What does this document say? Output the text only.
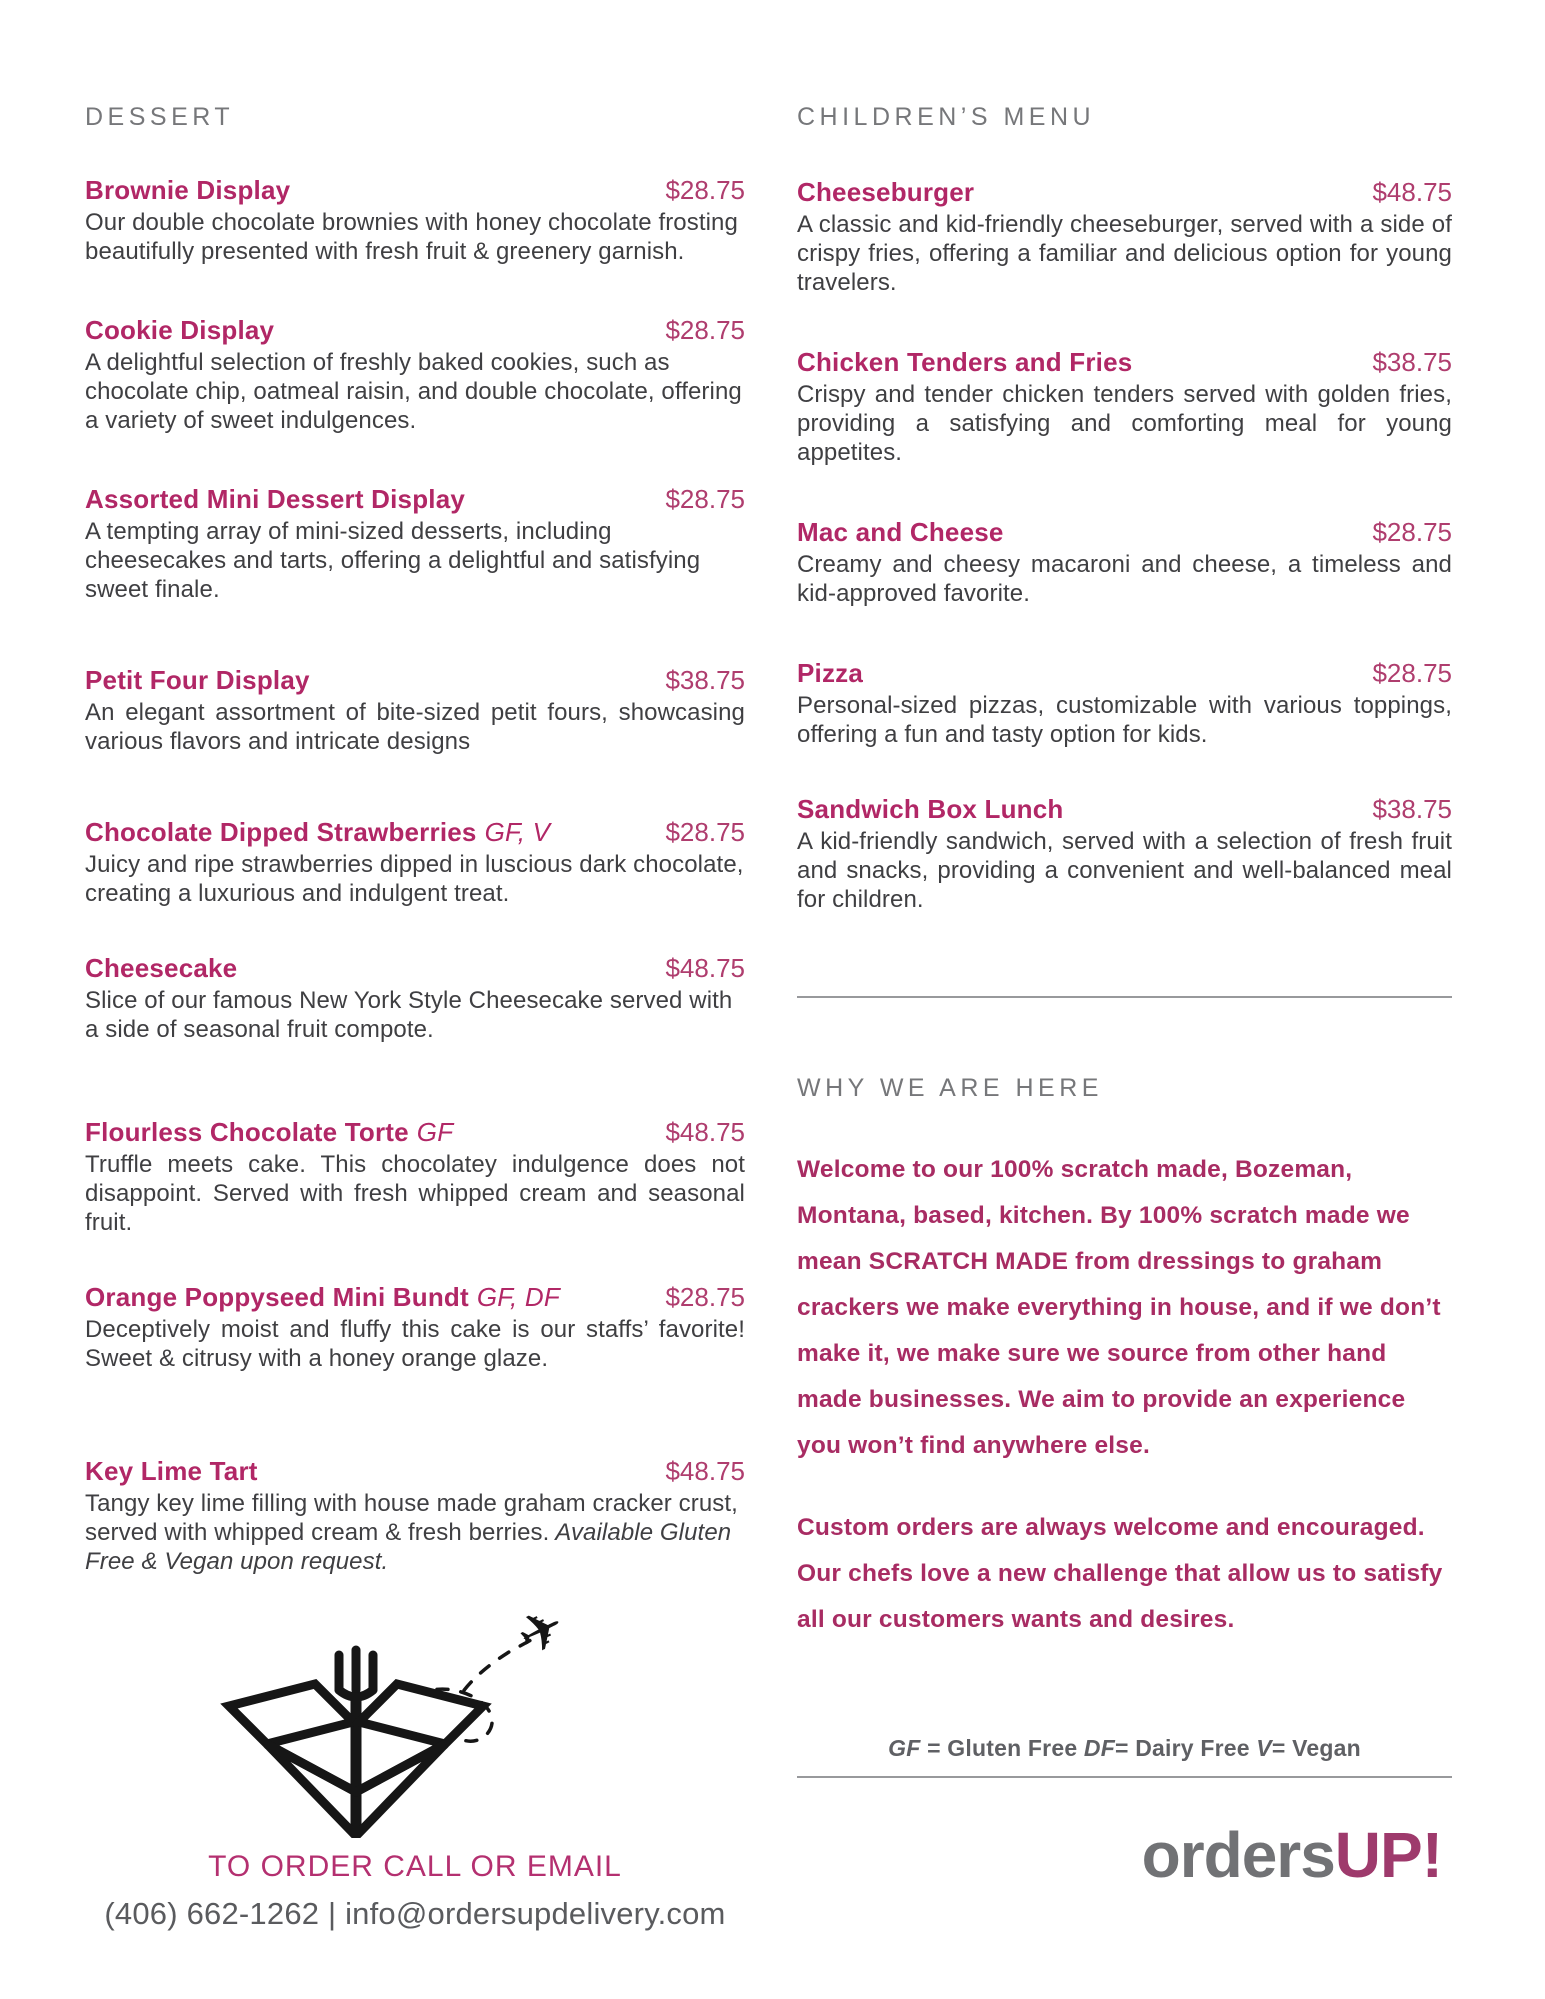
DESSERT
Brownie Display	$28.75

Our double chocolate brownies with honey chocolate frosting beautifully presented with fresh fruit & greenery garnish.

Cookie Display	$28.75

A delightful selection of freshly baked cookies, such as chocolate chip, oatmeal raisin, and double chocolate, offering a variety of sweet indulgences.

Assorted Mini Dessert Display	$28.75

A tempting array of mini-sized desserts, including cheesecakes and tarts, offering a delightful and satisfying sweet finale.

Petit Four Display	$38.75

An elegant assortment of bite-sized petit fours, showcasing various flavors and intricate designs

Chocolate Dipped Strawberries GF, V	$28.75

Juicy and ripe strawberries dipped in luscious dark chocolate, creating a luxurious and indulgent treat.

Cheesecake	$48.75

Slice of our famous New York Style Cheesecake served with a side of seasonal fruit compote.

Flourless Chocolate Torte GF	$48.75

Truffle meets cake. This chocolatey indulgence does not disappoint. Served with fresh whipped cream and seasonal fruit.

Orange Poppyseed Mini Bundt GF, DF	$28.75

Deceptively moist and fluffy this cake is our staffs’ favorite! Sweet & citrusy with a honey orange glaze.

Key Lime Tart	$48.75

Tangy key lime filling with house made graham cracker crust, served with whipped cream & fresh berries. Available Gluten Free & Vegan upon request.

✈
TO ORDER CALL OR EMAIL
(406) 662-1262 | info@ordersupdelivery.com
CHILDREN’S MENU
Cheeseburger	$48.75

A classic and kid-friendly cheeseburger, served with a side of crispy fries, offering a familiar and delicious option for young travelers.

Chicken Tenders and Fries	$38.75

Crispy and tender chicken tenders served with golden fries, providing a satisfying and comforting meal for young appetites.

Mac and Cheese	$28.75

Creamy and cheesy macaroni and cheese, a timeless and kid-approved favorite.

Pizza	$28.75

Personal-sized pizzas, customizable with various toppings, offering a fun and tasty option for kids.

Sandwich Box Lunch	$38.75

A kid-friendly sandwich, served with a selection of fresh fruit and snacks, providing a convenient and well-balanced meal for children.

WHY WE ARE HERE

Welcome to our 100% scratch made, Bozeman, Montana, based, kitchen. By 100% scratch made we mean SCRATCH MADE from dressings to graham crackers we make everything in house, and if we don’t make it, we make sure we source from other hand made businesses. We aim to provide an experience you won’t find anywhere else.

Custom orders are always welcome and encouraged. Our chefs love a new challenge that allow us to satisfy all our customers wants and desires.

GF = Gluten Free DF= Dairy Free V= Vegan
ordersUP!
